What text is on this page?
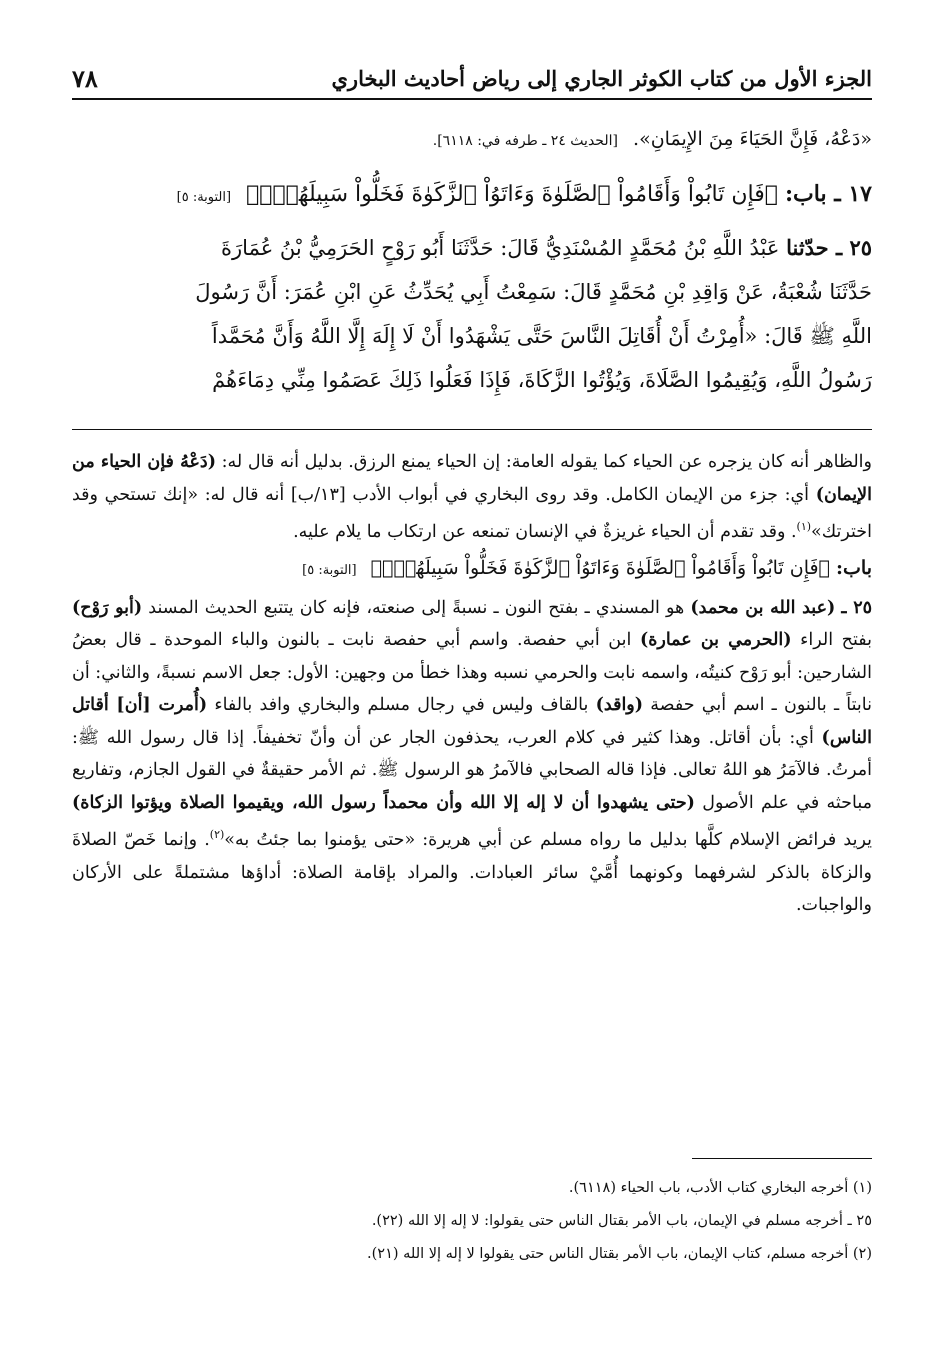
الجزء الأول من كتاب الكوثر الجاري إلى رياض أحاديث البخاري
٧٨
«دَعْهُ، فَإِنَّ الحَيَاءَ مِنَ الإِيمَانِ». [الحديث ٢٤ ـ طرفه في: ٦١١٨].
١٧ ـ باب: ﴿فَإِن تَابُواْ وَأَقَامُواْ ٱلصَّلَوٰةَ وَءَاتَوُاْ ٱلزَّكَوٰةَ فَخَلُّواْ سَبِيلَهُمْۚ﴾ [التوبة: ٥]

٢٥ ـ حدّثنا عَبْدُ اللَّهِ بْنُ مُحَمَّدٍ المُسْنَدِيُّ قَالَ: حَدَّثَنَا أَبُو رَوْحٍ الحَرَمِيُّ بْنُ عُمَارَةَ

حَدَّثَنَا شُعْبَةُ، عَنْ وَاقِدِ بْنِ مُحَمَّدٍ قَالَ: سَمِعْتُ أَبِي يُحَدِّثُ عَنِ ابْنِ عُمَرَ: أَنَّ رَسُولَ

اللَّهِ ﷺ قَالَ: «أُمِرْتُ أَنْ أُقَاتِلَ النَّاسَ حَتَّى يَشْهَدُوا أَنْ لَا إِلَهَ إِلَّا اللَّهُ وَأَنَّ مُحَمَّداً

رَسُولُ اللَّهِ، وَيُقِيمُوا الصَّلَاةَ، وَيُؤْتُوا الزَّكَاةَ، فَإِذَا فَعَلُوا ذَلِكَ عَصَمُوا مِنِّي دِمَاءَهُمْ

والظاهر أنه كان يزجره عن الحياء كما يقوله العامة: إن الحياء يمنع الرزق. بدليل أنه قال له: (دَعْهُ فإن الحياء من الإيمان) أي: جزء من الإيمان الكامل. وقد روى البخاري في أبواب الأدب [١٣/ب] أنه قال له: «إنك تستحي وقد اخترتك»$^{(١)}$. وقد تقدم أن الحياء غريزةٌ في الإنسان تمنعه عن ارتكاب ما يلام عليه.

باب: ﴿فَإِن تَابُواْ وَأَقَامُواْ ٱلصَّلَوٰةَ وَءَاتَوُاْ ٱلزَّكَوٰةَ فَخَلُّواْ سَبِيلَهُمْۚ﴾ [التوبة: ٥]

٢٥ ـ (عبد الله بن محمد) هو المسندي ـ بفتح النون ـ نسبةً إلى صنعته، فإنه كان يتتبع الحديث المسند (أبو رَوْح) بفتح الراء (الحرمي بن عمارة) ابن أبي حفصة. واسم أبي حفصة نابت ـ بالنون والباء الموحدة ـ قال بعضُ الشارحين: أبو رَوْح كنيتُه، واسمه نابت والحرمي نسبه وهذا خطأ من وجهين: الأول: جعل الاسم نسبةً، والثاني: أن نابتاً ـ بالنون ـ اسم أبي حفصة (واقد) بالقاف وليس في رجال مسلم والبخاري وافد بالفاء (أُمرت [أن] أقاتل الناس) أي: بأن أقاتل. وهذا كثير في كلام العرب، يحذفون الجار عن أن وأنّ تخفيفاً. إذا قال رسول الله ﷺ: أمرتُ. فالآمَرُ هو اللهُ تعالى. فإذا قاله الصحابي فالآمرُ هو الرسول ﷺ. ثم الأمر حقيقةٌ في القول الجازم، وتفاريع مباحثه في علم الأصول (حتى يشهدوا أن لا إله إلا الله وأن محمداً رسول الله، ويقيموا الصلاة ويؤتوا الزكاة) يريد فرائض الإسلام كلَّها بدليل ما رواه مسلم عن أبي هريرة: «حتى يؤمنوا بما جئتُ به»$^{(٢)}$. وإنما خَصّ الصلاةَ والزكاة بالذكر لشرفهما وكونهما أُمَّيْ سائر العبادات. والمراد بإقامة الصلاة: أداؤها مشتملةً على الأركان والواجبات.

(١) أخرجه البخاري كتاب الأدب، باب الحياء (٦١١٨).

٢٥ ـ أخرجه مسلم في الإيمان، باب الأمر بقتال الناس حتى يقولوا: لا إله إلا الله (٢٢).

(٢) أخرجه مسلم، كتاب الإيمان، باب الأمر بقتال الناس حتى يقولوا لا إله إلا الله (٢١).
